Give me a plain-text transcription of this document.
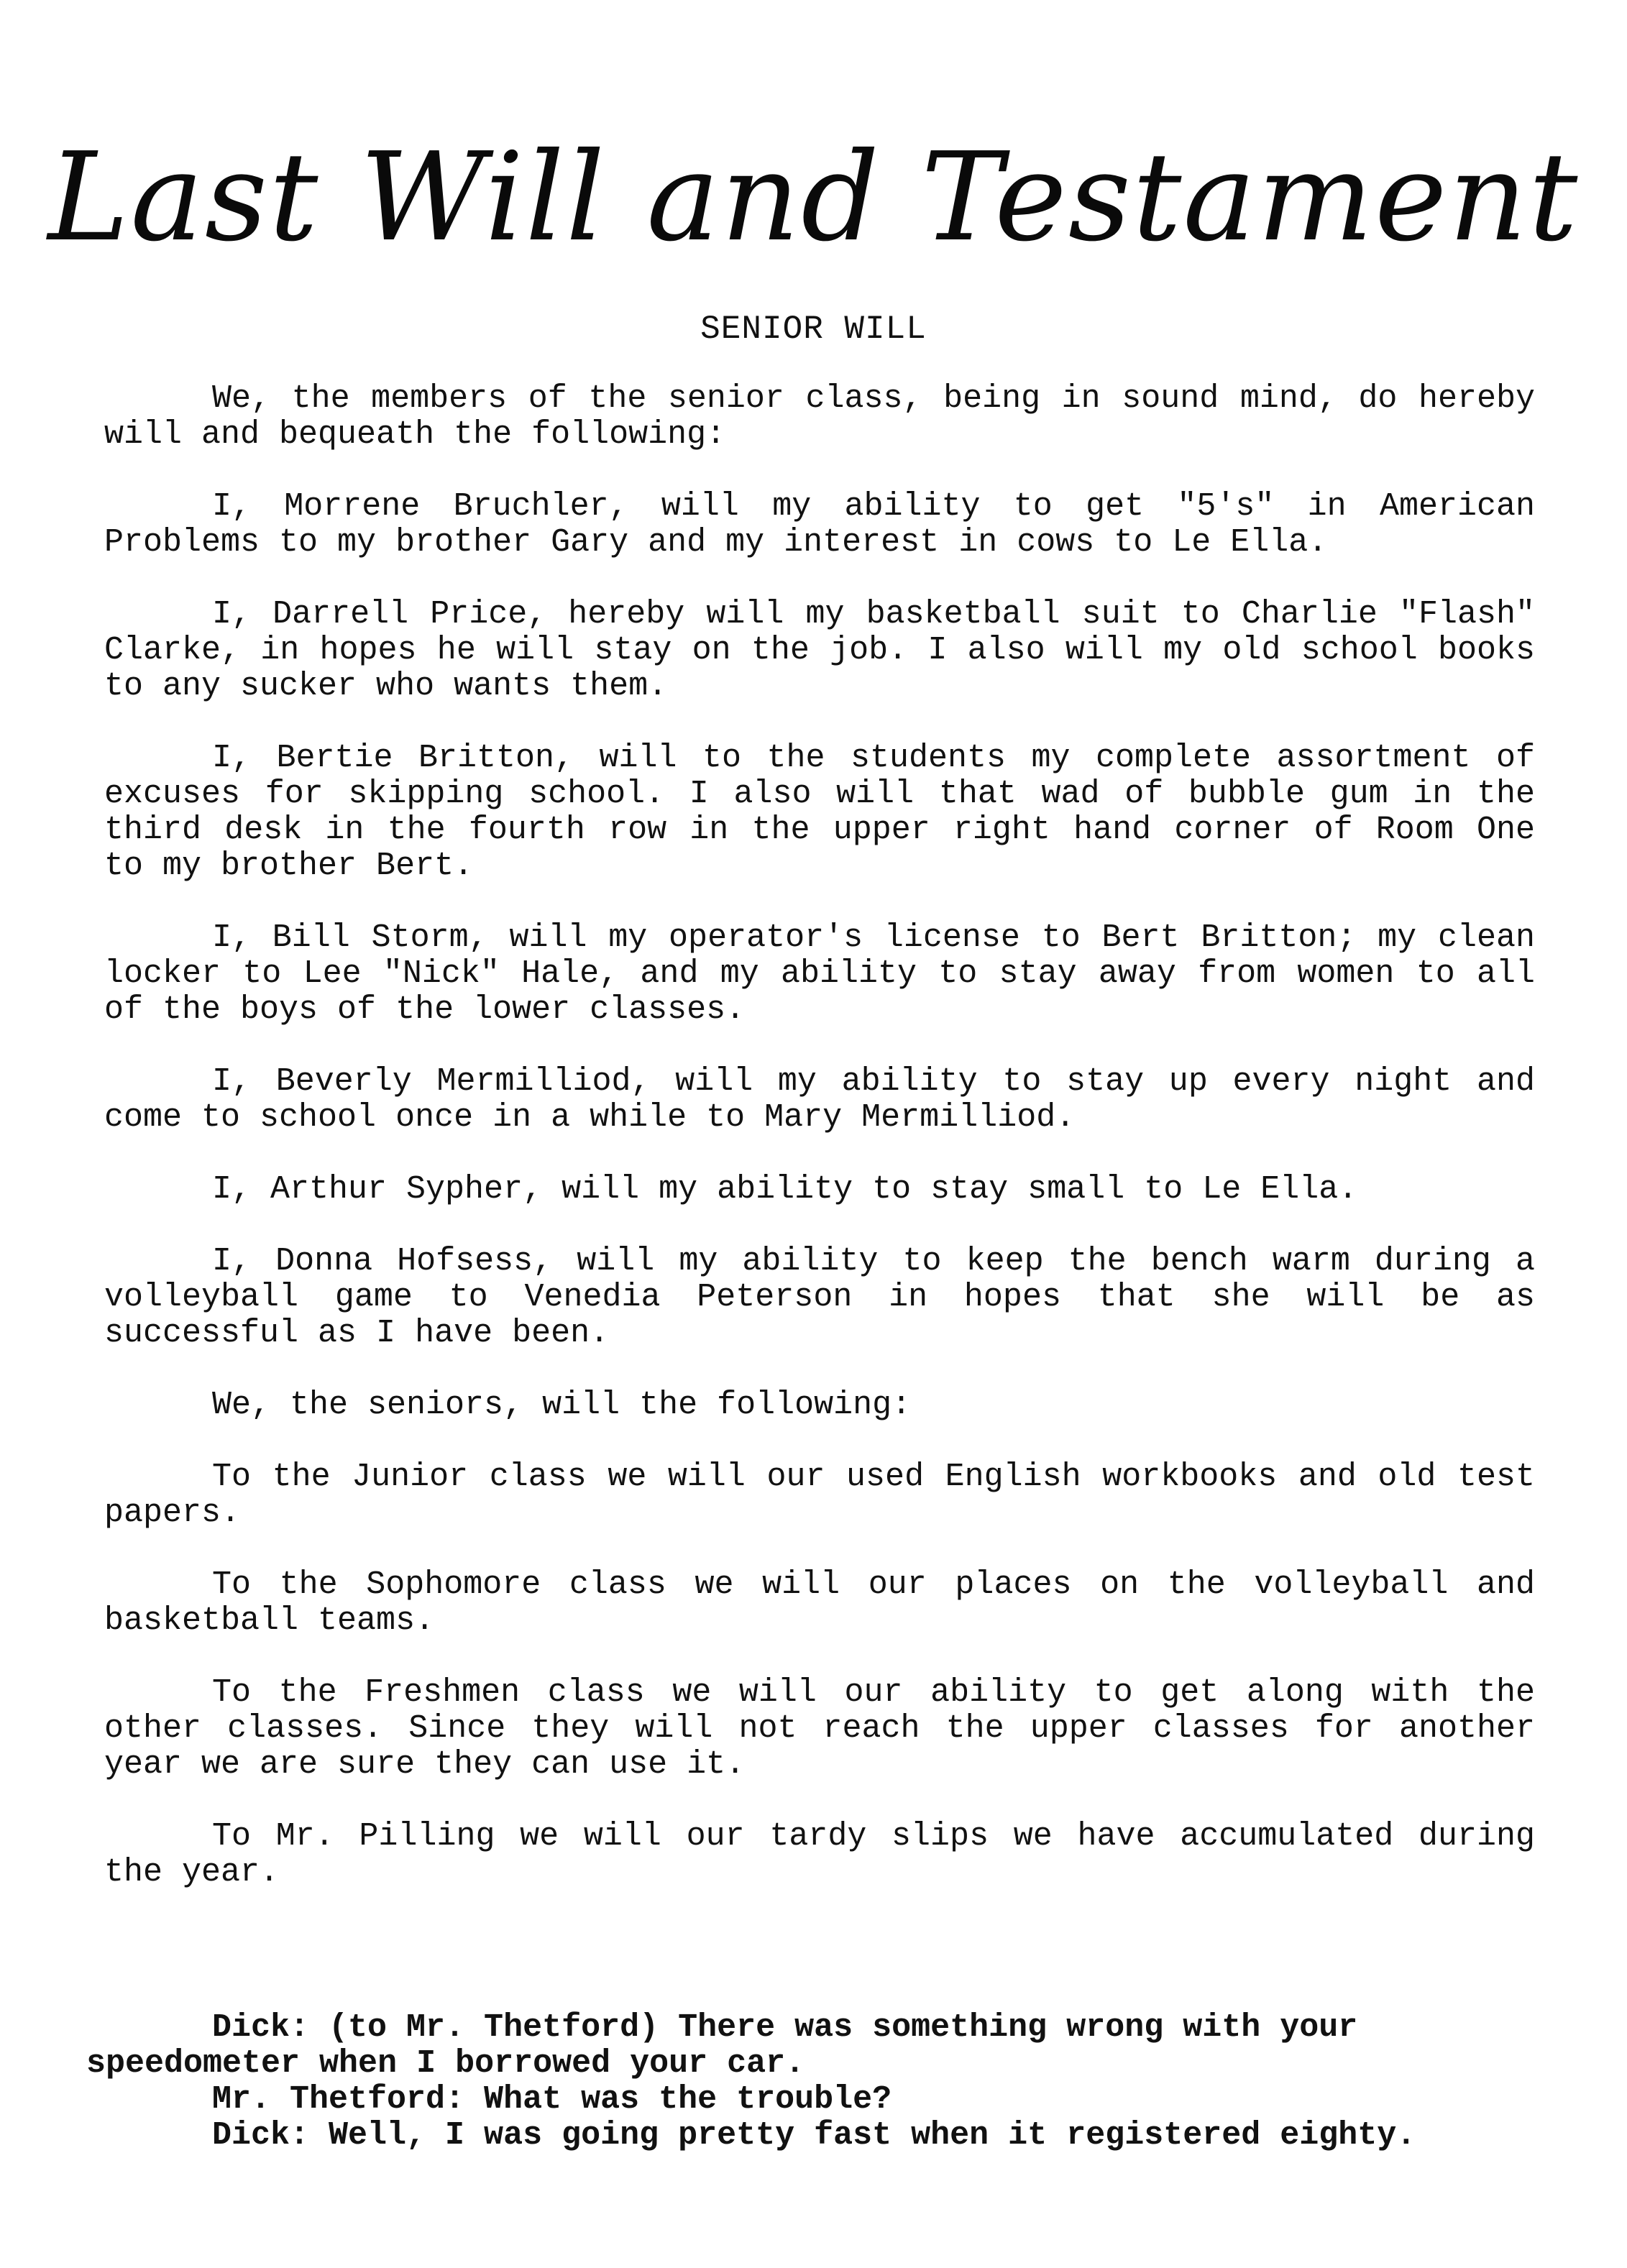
Last Will and Testament
SENIOR WILL

We, the members of the senior class, being in sound mind, do hereby will and bequeath the following:

I, Morrene Bruchler, will my ability to get "5's" in American Problems to my brother Gary and my interest in cows to Le Ella.

I, Darrell Price, hereby will my basketball suit to Charlie "Flash" Clarke, in hopes he will stay on the job. I also will my old school books to any sucker who wants them.

I, Bertie Britton, will to the students my complete assortment of excuses for skipping school. I also will that wad of bubble gum in the third desk in the fourth row in the upper right hand corner of Room One to my brother Bert.

I, Bill Storm, will my operator's license to Bert Britton; my clean locker to Lee "Nick" Hale, and my ability to stay away from women to all of the boys of the lower classes.

I, Beverly Mermilliod, will my ability to stay up every night and come to school once in a while to Mary Mermilliod.

I, Arthur Sypher, will my ability to stay small to Le Ella.

I, Donna Hofsess, will my ability to keep the bench warm during a volleyball game to Venedia Peterson in hopes that she will be as successful as I have been.

We, the seniors, will the following:

To the Junior class we will our used English workbooks and old test papers.

To the Sophomore class we will our places on the volleyball and basketball teams.

To the Freshmen class we will our ability to get along with the other classes. Since they will not reach the upper classes for another year we are sure they can use it.

To Mr. Pilling we will our tardy slips we have accumulated during the year.

Dick: (to Mr. Thetford) There was something wrong with your

speedometer when I borrowed your car.

Mr. Thetford: What was the trouble?

Dick: Well, I was going pretty fast when it registered eighty.
